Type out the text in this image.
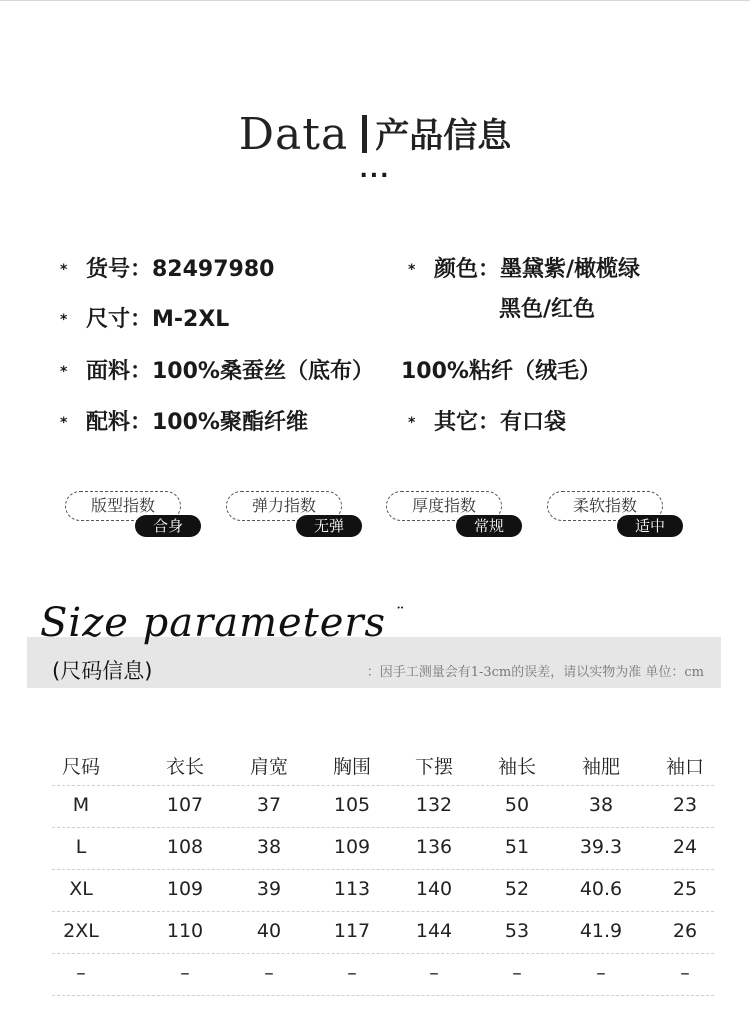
Data 产品信息
...
* 货号：82497980
* 尺寸：M-2XL
* 面料：100%桑蚕丝（底布） 100%粘纤（绒毛）
* 配料：100%聚酯纤维
* 颜色：墨黛紫/橄榄绿
黑色/红色
* 其它：有口袋
版型指数
合身
弹力指数
无弹
厚度指数
常规
柔软指数
适中
Size parameters ¨
(尺码信息)	：因手工测量会有1-3cm的误差，请以实物为准 单位：cm
尺码	衣长	肩宽	胸围	下摆	袖长	袖肥	袖口
M	107	37	105	132	50	38	23
L	108	38	109	136	51	39.3	24
XL	109	39	113	140	52	40.6	25
2XL	110	40	117	144	53	41.9	26
–	–	–	–	–	–	–	–
